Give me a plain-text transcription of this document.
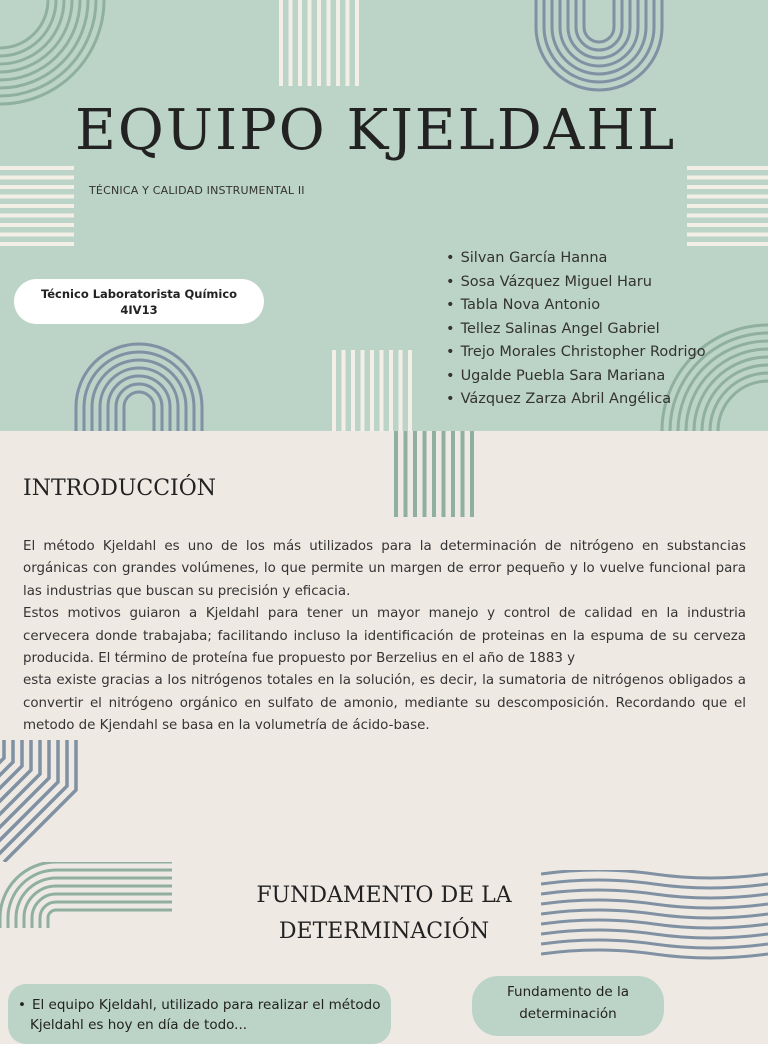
EQUIPO KJELDAHL
TÉCNICA Y CALIDAD INSTRUMENTAL II
Técnico Laboratorista Químico
4IV13
• Silvan García Hanna
• Sosa Vázquez Miguel Haru
• Tabla Nova Antonio
• Tellez Salinas Angel Gabriel
• Trejo Morales Christopher Rodrigo
• Ugalde Puebla Sara Mariana
• Vázquez Zarza Abril Angélica
INTRODUCCIÓN

El método Kjeldahl es uno de los más utilizados para la determinación de nitrógeno en substancias orgánicas con grandes volúmenes, lo que permite un margen de error pequeño y lo vuelve funcional para las industrias que buscan su precisión y eficacia.

Estos motivos guiaron a Kjeldahl para tener un mayor manejo y control de calidad en la industria cervecera donde trabajaba; facilitando incluso la identificación de proteinas en la espuma de su cerveza producida. El término de proteína fue propuesto por Berzelius en el año de 1883 y

esta existe gracias a los nitrógenos totales en la solución, es decir, la sumatoria de nitrógenos obligados a convertir el nitrógeno orgánico en sulfato de amonio, mediante su descomposición. Recordando que el metodo de Kjendahl se basa en la volumetría de ácido-base.

FUNDAMENTO DE LA
DETERMINACIÓN
• El equipo Kjeldahl, utilizado para realizar el método
Kjeldahl es hoy en día de todo...
Fundamento de la
determinación
